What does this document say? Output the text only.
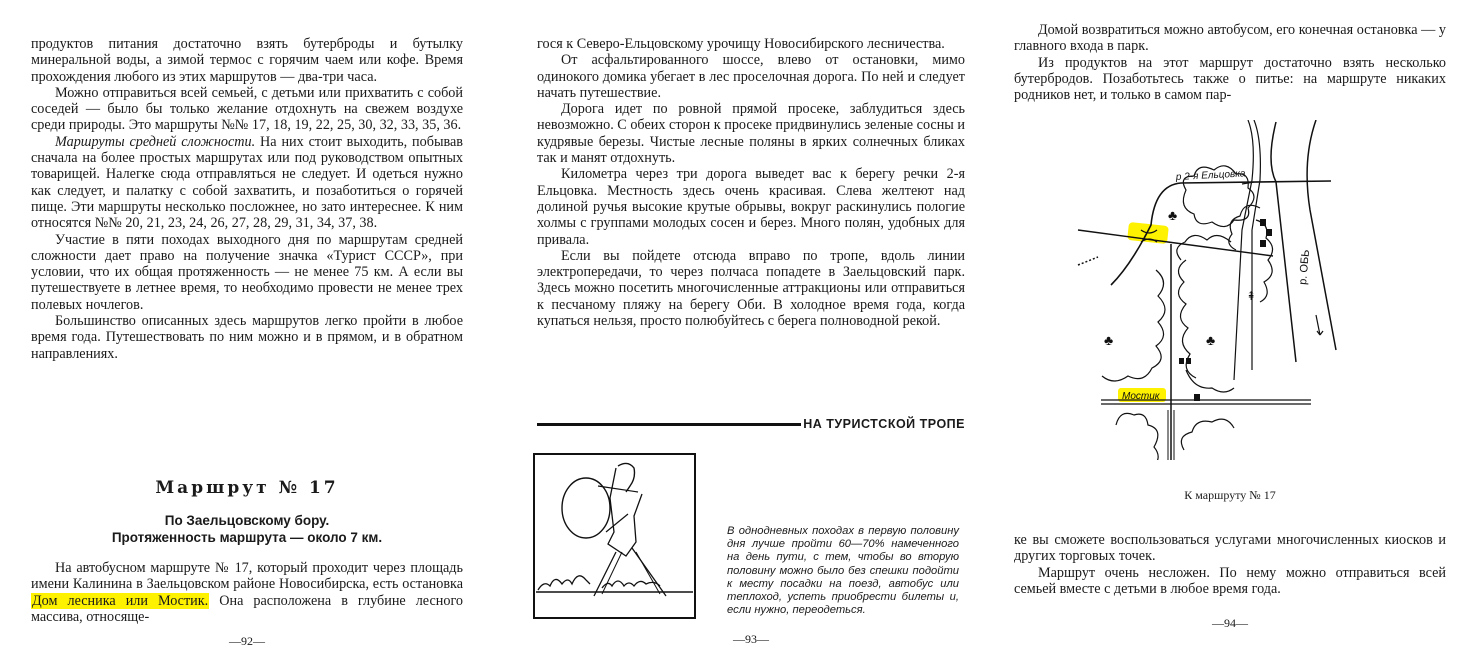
продуктов питания достаточно взять бутерброды и бутылку минеральной воды, а зимой термос с горячим чаем или кофе. Время прохождения любого из этих маршрутов — два-три часа.

Можно отправиться всей семьей, с детьми или прихватить с собой соседей — было бы только желание отдохнуть на свежем воздухе среди природы. Это маршруты №№ 17, 18, 19, 22, 25, 30, 32, 33, 35, 36.

Маршруты средней сложности. На них стоит выходить, побывав сначала на более простых маршрутах или под руководством опытных товарищей. Налегке сюда отправляться не следует. И одеться нужно как следует, и палатку с собой захватить, и позаботиться о горячей пище. Эти маршруты несколько посложнее, но зато интереснее. К ним относятся №№ 20, 21, 23, 24, 26, 27, 28, 29, 31, 34, 37, 38.

Участие в пяти походах выходного дня по маршрутам средней сложности дает право на получение значка «Турист СССР», при условии, что их общая протяженность — не менее 75 км. А если вы путешествуете в летнее время, то необходимо провести не менее трех полевых ночлегов.

Большинство описанных здесь маршрутов легко пройти в любое время года. Путешествовать по ним можно и в прямом, и в обратном направлениях.

Маршрут № 17

По Заельцовскому бору.

Протяженность маршрута — около 7 км.

На автобусном маршруте № 17, который проходит через площадь имени Калинина в Заельцовском районе Новосибирска, есть остановка Дом лесника или Мостик. Она расположена в глубине лесного массива, относяще-

—92—

гося к Северо-Ельцовскому урочищу Новосибирского лесничества.

От асфальтированного шоссе, влево от остановки, мимо одинокого домика убегает в лес проселочная дорога. По ней и следует начать путешествие.

Дорога идет по ровной прямой просеке, заблудиться здесь невозможно. С обеих сторон к просеке придвинулись зеленые сосны и кудрявые березы. Чистые лесные поляны в ярких солнечных бликах так и манят отдохнуть.

Километра через три дорога выведет вас к берегу речки 2-я Ельцовка. Местность здесь очень красивая. Слева желтеют над долиной ручья высокие крутые обрывы, вокруг раскинулись пологие холмы с группами молодых сосен и берез. Много полян, удобных для привала.

Если вы пойдете отсюда вправо по тропе, вдоль линии электропередачи, то через полчаса попадете в Заельцовский парк. Здесь можно посетить многочисленные аттракционы или отправиться к песчаному пляжу на берегу Оби. В холодное время года, когда купаться нельзя, просто полюбуйтесь с берега полноводной рекой.

НА ТУРИСТСКОЙ ТРОПЕ

В однодневных походах в первую половину дня лучше пройти 60—70% намеченного на день пути, с тем, чтобы во вторую половину можно было без спешки подойти к месту посадки на поезд, автобус или теплоход, успеть приобрести билеты и, если нужно, переодеться.

—93—

Домой возвратиться можно автобусом, его конечная остановка — у главного входа в парк.

Из продуктов на этот маршрут достаточно взять несколько бутербродов. Позаботьтесь также о питье: на маршруте никаких родников нет, и только в самом пар-

♣
♣	♣
⇞
р 2-я Ельцовка
р. ОБЬ
Мостик
К маршруту № 17

ке вы сможете воспользоваться услугами многочисленных киосков и других торговых точек.

Маршрут очень несложен. По нему можно отправиться всей семьей вместе с детьми в любое время года.

—94—
